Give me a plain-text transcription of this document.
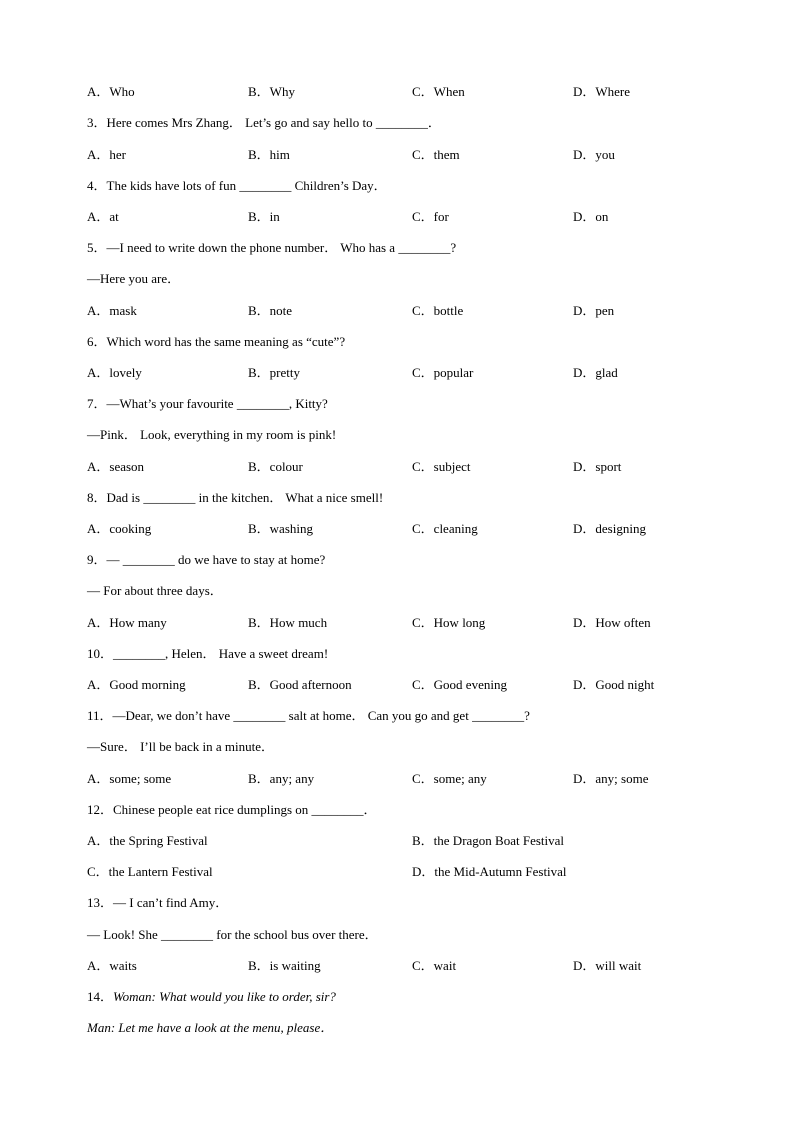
A．Who	B．Why	C．When	D．Where
3．Here comes Mrs Zhang． Let’s go and say hello to ________．
A．her	B．him	C．them	D．you
4．The kids have lots of fun ________ Children’s Day．
A．at	B．in	C．for	D．on
5．—I need to write down the phone number． Who has a ________?
—Here you are．
A．mask	B．note	C．bottle	D．pen
6．Which word has the same meaning as “cute”?
A．lovely	B．pretty	C．popular	D．glad
7．—What’s your favourite ________, Kitty?
—Pink． Look, everything in my room is pink!
A．season	B．colour	C．subject	D．sport
8．Dad is ________ in the kitchen． What a nice smell!
A．cooking	B．washing	C．cleaning	D．designing
9．— ________ do we have to stay at home?
— For about three days．
A．How many	B．How much	C．How long	D．How often
10．________, Helen． Have a sweet dream!
A．Good morning	B．Good afternoon	C．Good evening	D．Good night
11．—Dear, we don’t have ________ salt at home． Can you go and get ________?
—Sure． I’ll be back in a minute．
A．some; some	B．any; any	C．some; any	D．any; some
12．Chinese people eat rice dumplings on ________．
A．the Spring Festival	B．the Dragon Boat Festival
C．the Lantern Festival	D．the Mid-Autumn Festival
13．— I can’t find Amy．
— Look! She ________ for the school bus over there．
A．waits	B．is waiting	C．wait	D．will wait
14．Woman: What would you like to order, sir?
Man: Let me have a look at the menu, please．
